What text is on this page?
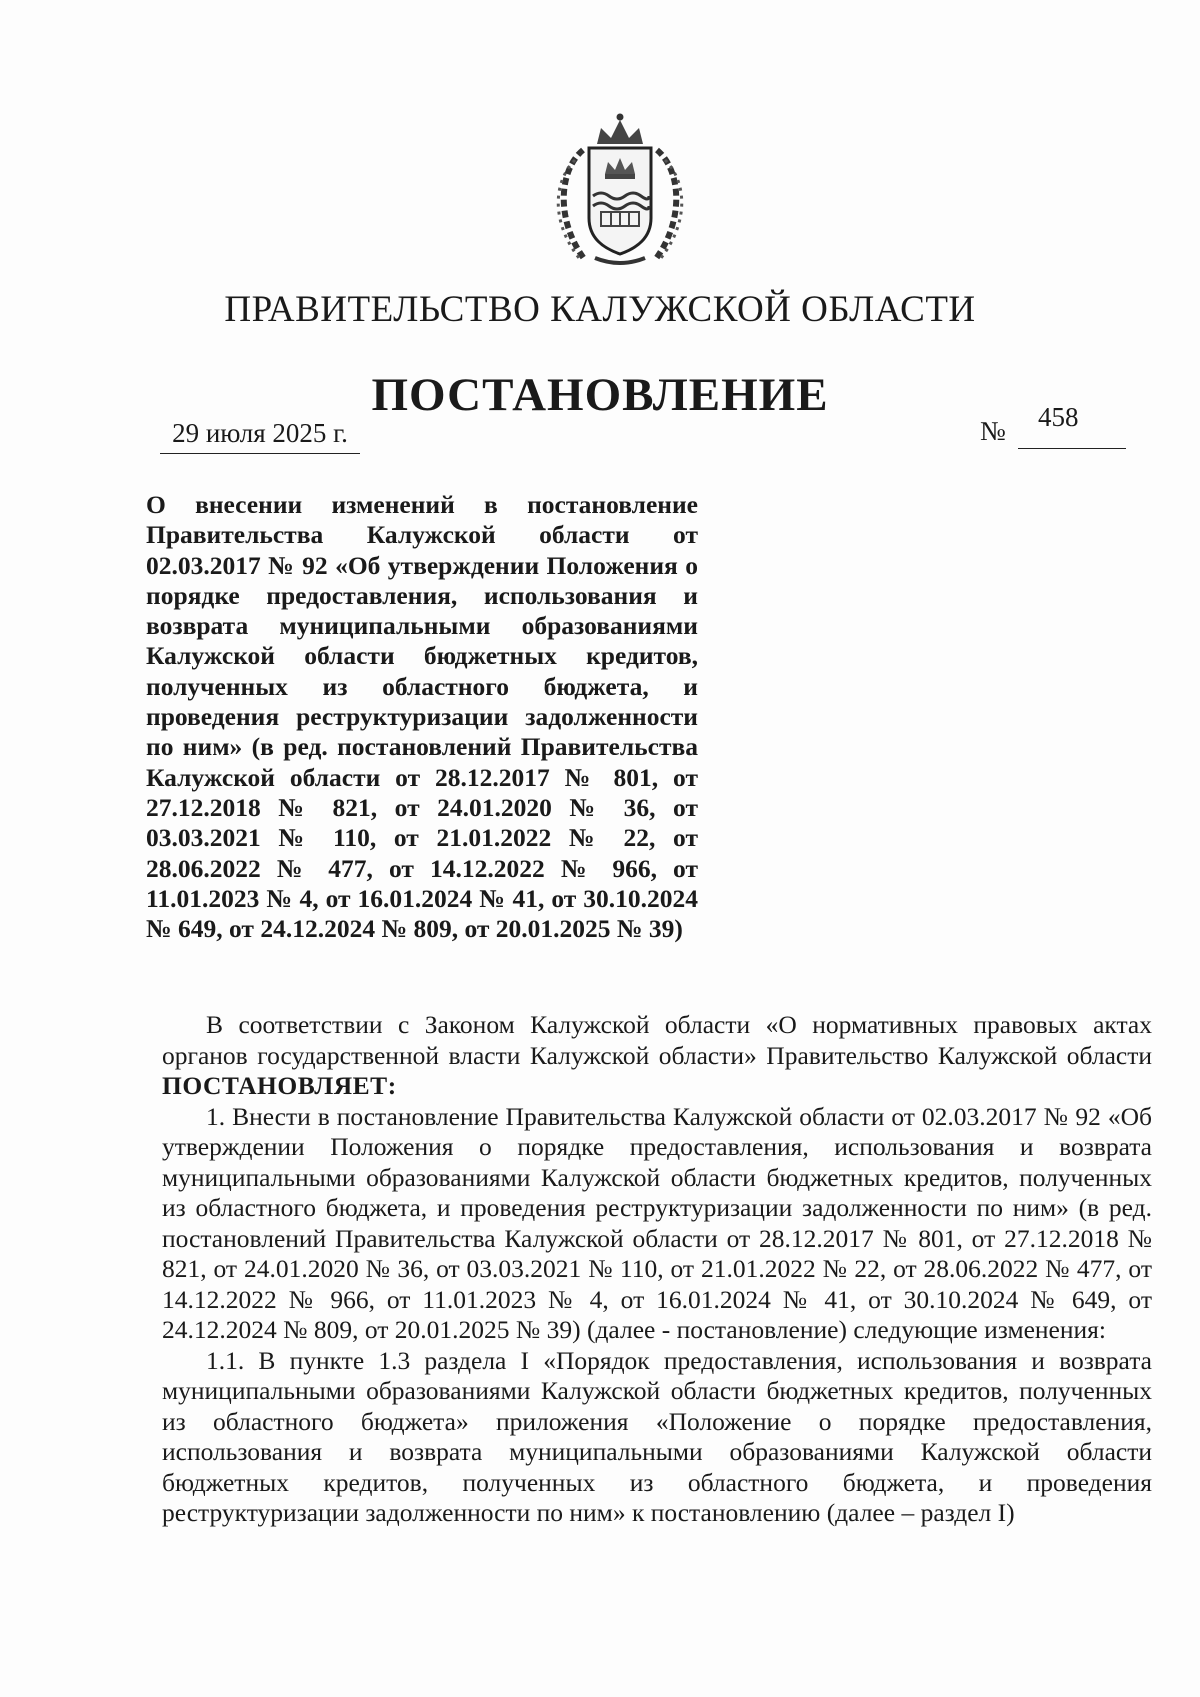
ПРАВИТЕЛЬСТВО КАЛУЖСКОЙ ОБЛАСТИ
ПОСТАНОВЛЕНИЕ
29 июля 2025 г.	№ 458
О внесении изменений в постановление Правительства Калужской области от 02.03.2017 № 92 «Об утверждении Положения о порядке предоставления, использования и возврата муниципальными образованиями Калужской области бюджетных кредитов, полученных из областного бюджета, и проведения реструктуризации задолженности по ним» (в ред. постановлений Правительства Калужской области от 28.12.2017 № 801, от 27.12.2018 № 821, от 24.01.2020 № 36, от 03.03.2021 № 110, от 21.01.2022 № 22, от 28.06.2022 № 477, от 14.12.2022 № 966, от 11.01.2023 № 4, от 16.01.2024 № 41, от 30.10.2024 № 649, от 24.12.2024 № 809, от 20.01.2025 № 39)

В соответствии с Законом Калужской области «О нормативных правовых актах органов государственной власти Калужской области» Правительство Калужской области ПОСТАНОВЛЯЕТ:

1. Внести в постановление Правительства Калужской области от 02.03.2017 № 92 «Об утверждении Положения о порядке предоставления, использования и возврата муниципальными образованиями Калужской области бюджетных кредитов, полученных из областного бюджета, и проведения реструктуризации задолженности по ним» (в ред. постановлений Правительства Калужской области от 28.12.2017 № 801, от 27.12.2018 № 821, от 24.01.2020 № 36, от 03.03.2021 № 110, от 21.01.2022 № 22, от 28.06.2022 № 477, от 14.12.2022 № 966, от 11.01.2023 № 4, от 16.01.2024 № 41, от 30.10.2024 № 649, от 24.12.2024 № 809, от 20.01.2025 № 39) (далее - постановление) следующие изменения:

1.1. В пункте 1.3 раздела I «Порядок предоставления, использования и возврата муниципальными образованиями Калужской области бюджетных кредитов, полученных из областного бюджета» приложения «Положение о порядке предоставления, использования и возврата муниципальными образованиями Калужской области бюджетных кредитов, полученных из областного бюджета, и проведения реструктуризации задолженности по ним» к постановлению (далее – раздел I)
